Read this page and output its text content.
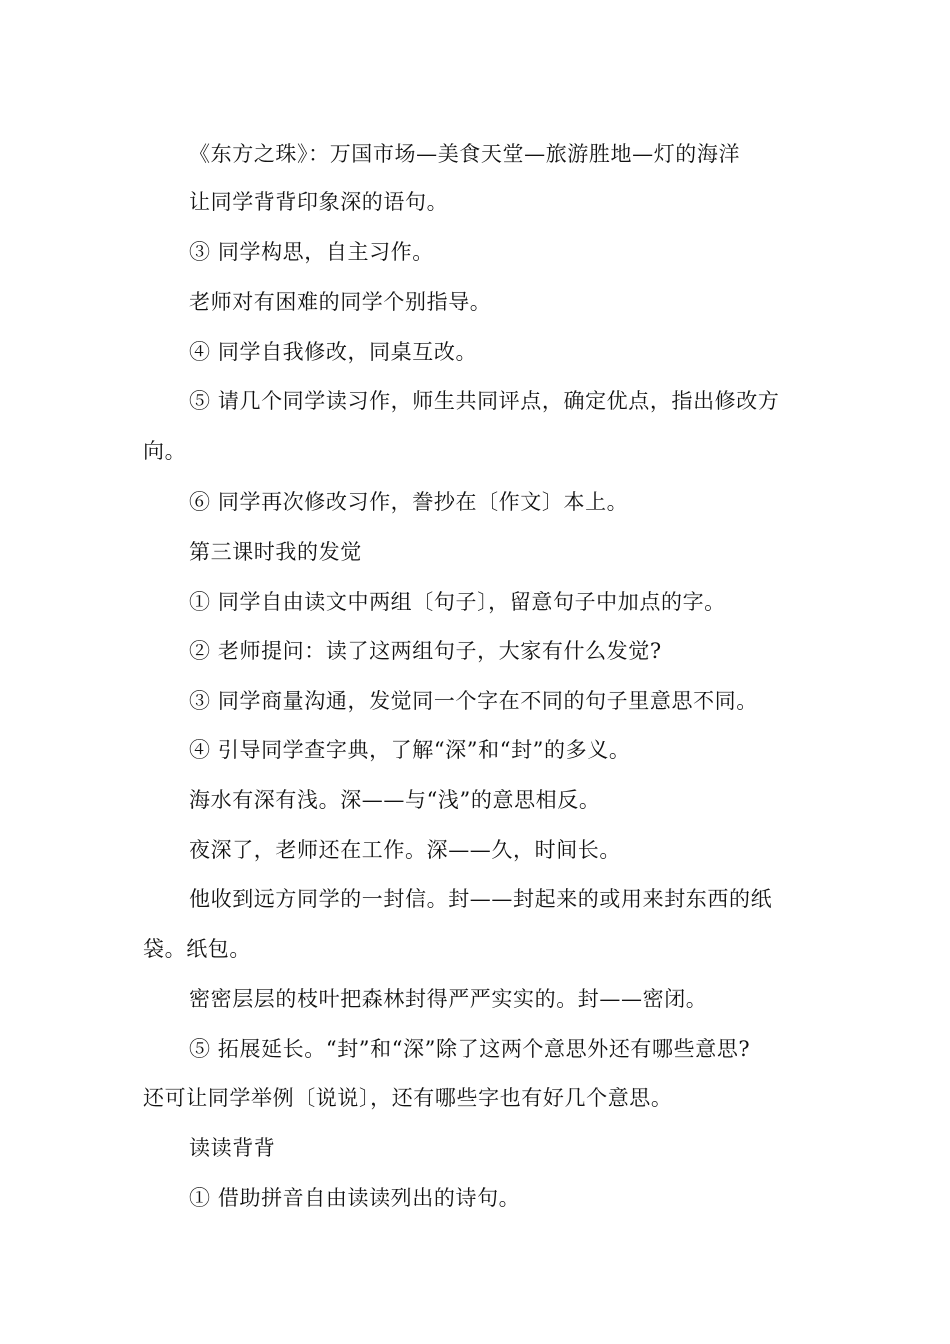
《东方之珠》：万国市场—美食天堂—旅游胜地—灯的海洋
让同学背背印象深的语句。
③ 同学构思，自主习作。
老师对有困难的同学个别指导。
④ 同学自我修改，同桌互改。
⑤ 请几个同学读习作，师生共同评点，确定优点，指出修改方
向。
⑥ 同学再次修改习作，誊抄在〔作文〕本上。
第三课时我的发觉
① 同学自由读文中两组〔句子〕，留意句子中加点的字。
② 老师提问：读了这两组句子，大家有什么发觉?
③ 同学商量沟通，发觉同一个字在不同的句子里意思不同。
④ 引导同学查字典，了解“深”和“封”的多义。
海水有深有浅。深——与“浅”的意思相反。
夜深了，老师还在工作。深——久，时间长。
他收到远方同学的一封信。封——封起来的或用来封东西的纸
袋。纸包。
密密层层的枝叶把森林封得严严实实的。封——密闭。
⑤ 拓展延长。“封”和“深”除了这两个意思外还有哪些意思?
还可让同学举例〔说说〕，还有哪些字也有好几个意思。
读读背背
① 借助拼音自由读读列出的诗句。
